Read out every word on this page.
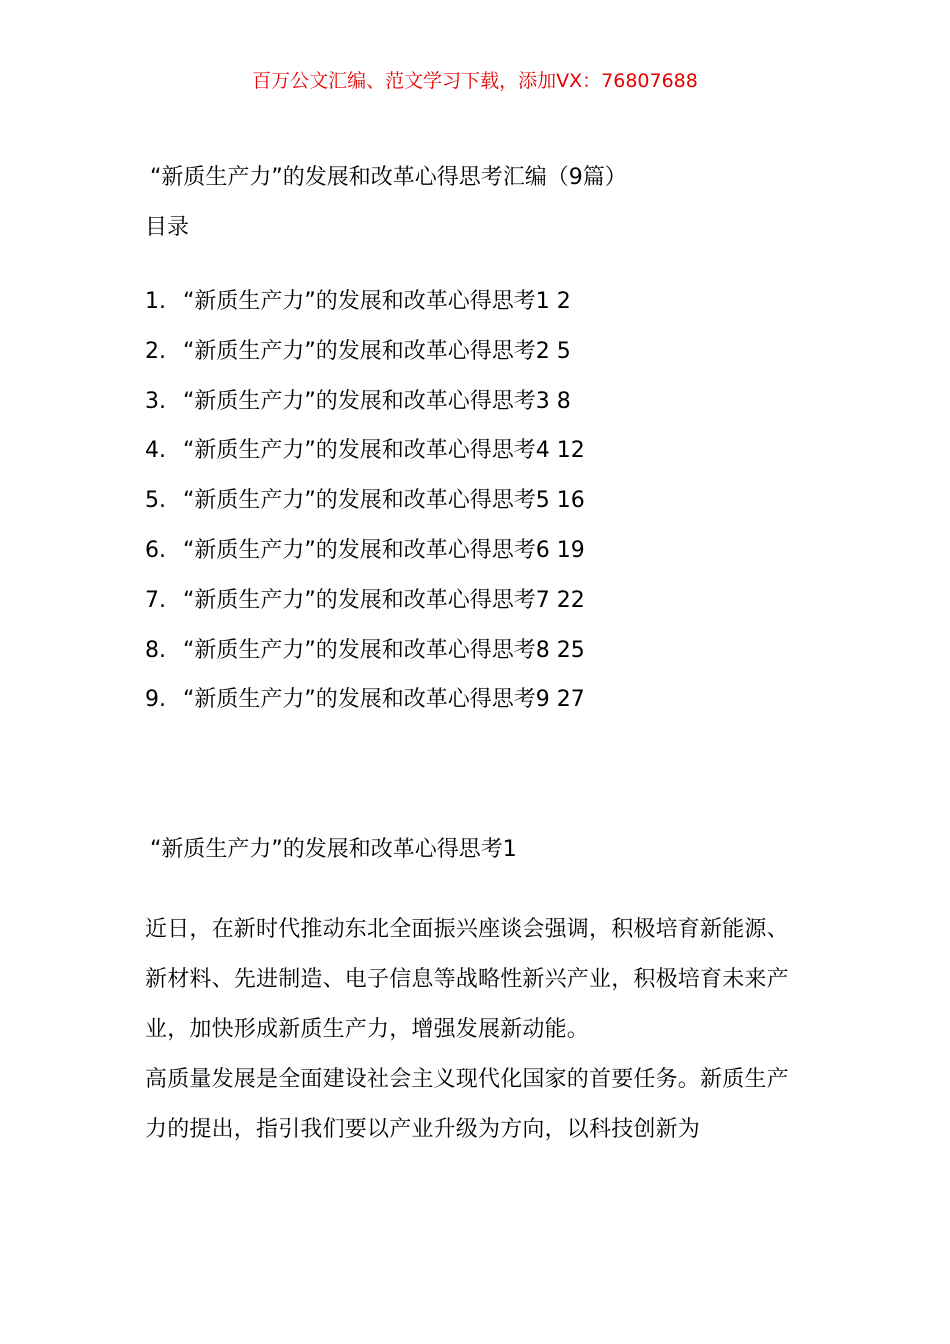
百万公文汇编、范文学习下载，添加VX：76807688
“新质生产力”的发展和改革心得思考汇编（9篇）
目录
1. “新质生产力”的发展和改革心得思考1 2
2. “新质生产力”的发展和改革心得思考2 5
3. “新质生产力”的发展和改革心得思考3 8
4. “新质生产力”的发展和改革心得思考4 12
5. “新质生产力”的发展和改革心得思考5 16
6. “新质生产力”的发展和改革心得思考6 19
7. “新质生产力”的发展和改革心得思考7 22
8. “新质生产力”的发展和改革心得思考8 25
9. “新质生产力”的发展和改革心得思考9 27
“新质生产力”的发展和改革心得思考1

近日，在新时代推动东北全面振兴座谈会强调，积极培育新能源、新材料、先进制造、电子信息等战略性新兴产业，积极培育未来产业，加快形成新质生产力，增强发展新动能。

高质量发展是全面建设社会主义现代化国家的首要任务。新质生产力的提出，指引我们要以产业升级为方向，以科技创新为
